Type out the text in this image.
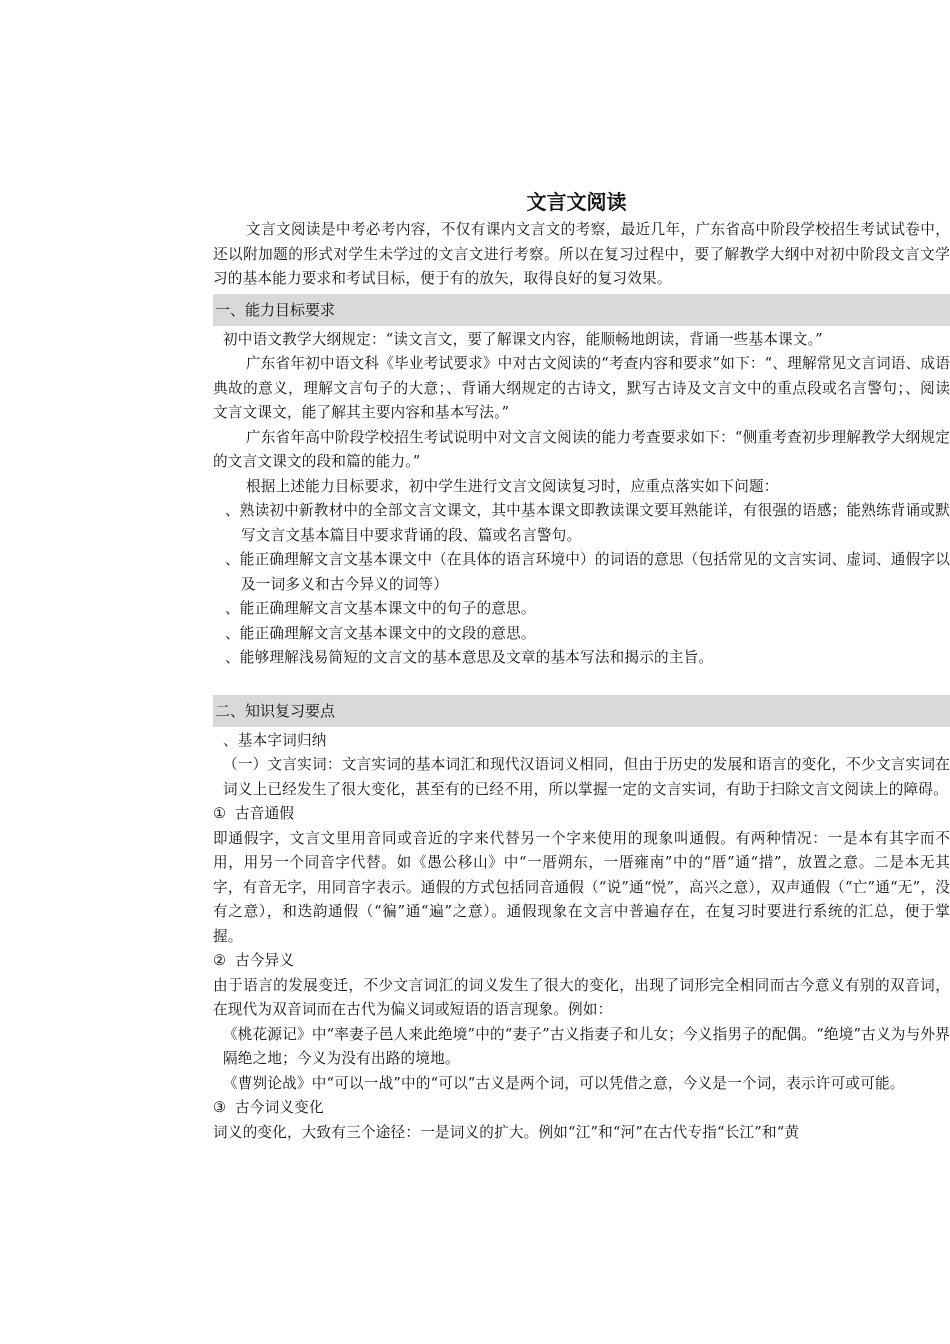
文言文阅读

文言文阅读是中考必考内容，不仅有课内文言文的考察，最近几年，广东省高中阶段学校招生考试试卷中，还以附加题的形式对学生未学过的文言文进行考察。所以在复习过程中，要了解教学大纲中对初中阶段文言文学习的基本能力要求和考试目标，便于有的放矢，取得良好的复习效果。

一、能力目标要求

初中语文教学大纲规定：“读文言文，要了解课文内容，能顺畅地朗读，背诵一些基本课文。”

广东省年初中语文科《毕业考试要求》中对古文阅读的“考查内容和要求”如下：“、理解常见文言词语、成语典故的意义，理解文言句子的大意；、背诵大纲规定的古诗文，默写古诗及文言文中的重点段或名言警句；、阅读文言文课文，能了解其主要内容和基本写法。”

广东省年高中阶段学校招生考试说明中对文言文阅读的能力考查要求如下：“侧重考查初步理解教学大纲规定的文言文课文的段和篇的能力。”

根据上述能力目标要求，初中学生进行文言文阅读复习时，应重点落实如下问题：

、熟读初中新教材中的全部文言文课文，其中基本课文即教读课文要耳熟能详，有很强的语感；能熟练背诵或默写文言文基本篇目中要求背诵的段、篇或名言警句。

、能正确理解文言文基本课文中（在具体的语言环境中）的词语的意思（包括常见的文言实词、虚词、通假字以及一词多义和古今异义的词等）

、能正确理解文言文基本课文中的句子的意思。

、能正确理解文言文基本课文中的文段的意思。

、能够理解浅易简短的文言文的基本意思及文章的基本写法和揭示的主旨。

二、知识复习要点

、基本字词归纳

（一）文言实词：文言实词的基本词汇和现代汉语词义相同，但由于历史的发展和语言的变化，不少文言实词在词义上已经发生了很大变化，甚至有的已经不用，所以掌握一定的文言实词，有助于扫除文言文阅读上的障碍。

① 古音通假

即通假字，文言文里用音同或音近的字来代替另一个字来使用的现象叫通假。有两种情况：一是本有其字而不用，用另一个同音字代替。如《愚公移山》中“一厝朔东，一厝雍南”中的“厝”通“措”，放置之意。二是本无其字，有音无字，用同音字表示。通假的方式包括同音通假（“说”通“悦”，高兴之意），双声通假（“亡”通“无”，没有之意），和迭韵通假（“徧”通“遍”之意）。通假现象在文言中普遍存在，在复习时要进行系统的汇总，便于掌握。

② 古今异义

由于语言的发展变迁，不少文言词汇的词义发生了很大的变化，出现了词形完全相同而古今意义有别的双音词，在现代为双音词而在古代为偏义词或短语的语言现象。例如：

《桃花源记》中“率妻子邑人来此绝境”中的“妻子”古义指妻子和儿女；今义指男子的配偶。“绝境”古义为与外界隔绝之地；今义为没有出路的境地。

《曹刿论战》中“可以一战”中的“可以”古义是两个词，可以凭借之意，今义是一个词，表示许可或可能。

③ 古今词义变化

词义的变化，大致有三个途径：一是词义的扩大。例如“江”和“河”在古代专指“长江”和“黄
